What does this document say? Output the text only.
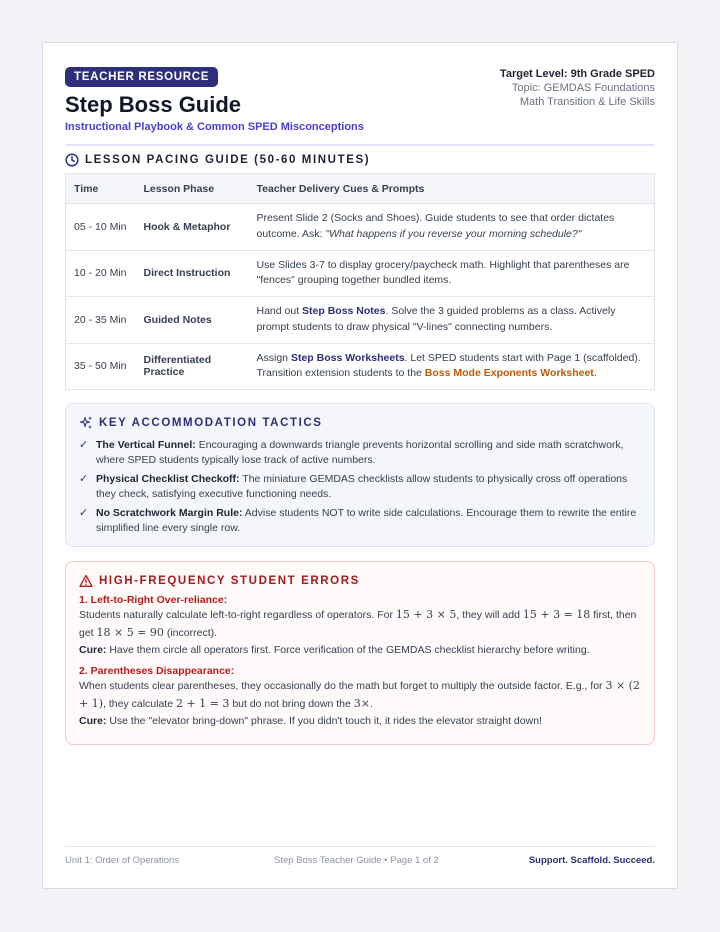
TEACHER RESOURCE
Step Boss Guide
Instructional Playbook & Common SPED Misconceptions
Target Level: 9th Grade SPED
Topic: GEMDAS Foundations
Math Transition & Life Skills
LESSON PACING GUIDE (50-60 MINUTES)
Time	Lesson Phase	Teacher Delivery Cues & Prompts
05 - 10 Min	Hook & Metaphor	Present Slide 2 (Socks and Shoes). Guide students to see that order dictates outcome. Ask: "What happens if you reverse your morning schedule?"
10 - 20 Min	Direct Instruction	Use Slides 3-7 to display grocery/paycheck math. Highlight that parentheses are "fences" grouping together bundled items.
20 - 35 Min	Guided Notes	Hand out Step Boss Notes. Solve the 3 guided problems as a class. Actively prompt students to draw physical "V-lines" connecting numbers.
35 - 50 Min	Differentiated Practice	Assign Step Boss Worksheets. Let SPED students start with Page 1 (scaffolded). Transition extension students to the Boss Mode Exponents Worksheet.
KEY ACCOMMODATION TACTICS
✓ The Vertical Funnel: Encouraging a downwards triangle prevents horizontal scrolling and side math scratchwork, where SPED students typically lose track of active numbers.
✓ Physical Checklist Checkoff: The miniature GEMDAS checklists allow students to physically cross off operations they check, satisfying executive functioning needs.
✓ No Scratchwork Margin Rule: Advise students NOT to write side calculations. Encourage them to rewrite the entire simplified line every single row.
HIGH-FREQUENCY STUDENT ERRORS
1. Left-to-Right Over-reliance:

Students naturally calculate left-to-right regardless of operators. For 15 + 3 × 5, they will add 15 + 3 = 18 first, then get 18 × 5 = 90 (incorrect).

Cure: Have them circle all operators first. Force verification of the GEMDAS checklist hierarchy before writing.

2. Parentheses Disappearance:

When students clear parentheses, they occasionally do the math but forget to multiply the outside factor. E.g., for 3 × (2 + 1), they calculate 2 + 1 = 3 but do not bring down the 3×.

Cure: Use the "elevator bring-down" phrase. If you didn't touch it, it rides the elevator straight down!

Unit 1: Order of Operations	Step Boss Teacher Guide • Page 1 of 2	Support. Scaffold. Succeed.
